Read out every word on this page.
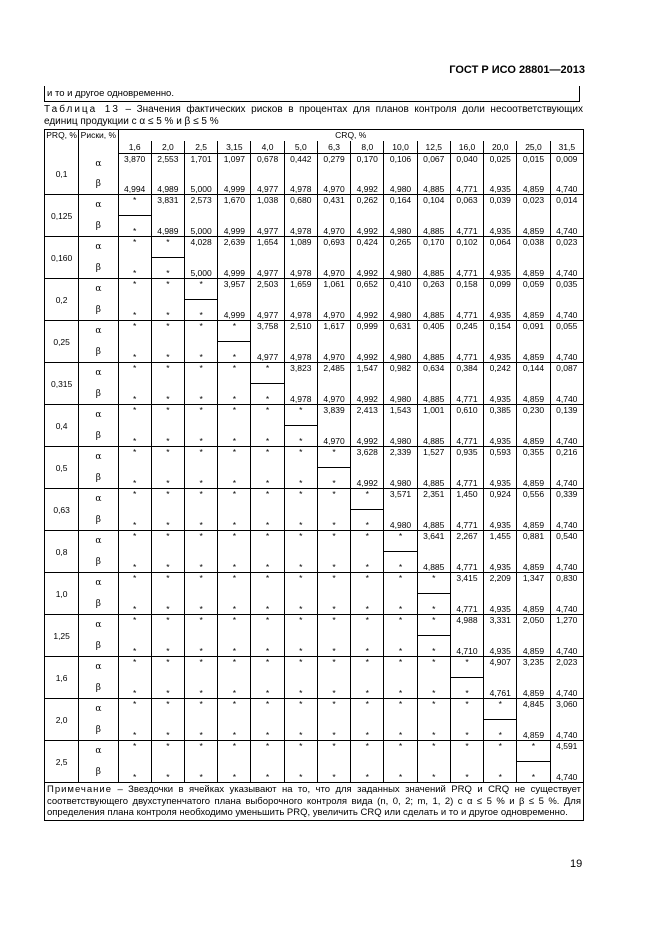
ГОСТ Р ИСО 28801—2013
и то и другое одновременно.
Таблица 13 – Значения фактических рисков в процентах для планов контроля доли несоответствующих единиц продукции с α ≤ 5 % и β ≤ 5 %
PRQ, %	Риски, %	CRQ, %													
		1,6	2,0	2,5	3,15	4,0	5,0	6,3	8,0	10,0	12,5	16,0	20,0	25,0	31,5
0,1	α	3,870	2,553	1,701	1,097	0,678	0,442	0,279	0,170	0,106	0,067	0,040	0,025	0,015	0,009
	β	4,994	4,989	5,000	4,999	4,977	4,978	4,970	4,992	4,980	4,885	4,771	4,935	4,859	4,740
0,125	α	*	3,831	2,573	1,670	1,038	0,680	0,431	0,262	0,164	0,104	0,063	0,039	0,023	0,014
	β	*	4,989	5,000	4,999	4,977	4,978	4,970	4,992	4,980	4,885	4,771	4,935	4,859	4,740
0,160	α	*	*	4,028	2,639	1,654	1,089	0,693	0,424	0,265	0,170	0,102	0,064	0,038	0,023
	β	*	*	5,000	4,999	4,977	4,978	4,970	4,992	4,980	4,885	4,771	4,935	4,859	4,740
0,2	α	*	*	*	3,957	2,503	1,659	1,061	0,652	0,410	0,263	0,158	0,099	0,059	0,035
	β	*	*	*	4,999	4,977	4,978	4,970	4,992	4,980	4,885	4,771	4,935	4,859	4,740
0,25	α	*	*	*	*	3,758	2,510	1,617	0,999	0,631	0,405	0,245	0,154	0,091	0,055
	β	*	*	*	*	4,977	4,978	4,970	4,992	4,980	4,885	4,771	4,935	4,859	4,740
0,315	α	*	*	*	*	*	3,823	2,485	1,547	0,982	0,634	0,384	0,242	0,144	0,087
	β	*	*	*	*	*	4,978	4,970	4,992	4,980	4,885	4,771	4,935	4,859	4,740
0,4	α	*	*	*	*	*	*	3,839	2,413	1,543	1,001	0,610	0,385	0,230	0,139
	β	*	*	*	*	*	*	4,970	4,992	4,980	4,885	4,771	4,935	4,859	4,740
0,5	α	*	*	*	*	*	*	*	3,628	2,339	1,527	0,935	0,593	0,355	0,216
	β	*	*	*	*	*	*	*	4,992	4,980	4,885	4,771	4,935	4,859	4,740
0,63	α	*	*	*	*	*	*	*	*	3,571	2,351	1,450	0,924	0,556	0,339
	β	*	*	*	*	*	*	*	*	4,980	4,885	4,771	4,935	4,859	4,740
0,8	α	*	*	*	*	*	*	*	*	*	3,641	2,267	1,455	0,881	0,540
	β	*	*	*	*	*	*	*	*	*	4,885	4,771	4,935	4,859	4,740
1,0	α	*	*	*	*	*	*	*	*	*	*	3,415	2,209	1,347	0,830
	β	*	*	*	*	*	*	*	*	*	*	4,771	4,935	4,859	4,740
1,25	α	*	*	*	*	*	*	*	*	*	*	4,988	3,331	2,050	1,270
	β	*	*	*	*	*	*	*	*	*	*	4,710	4,935	4,859	4,740
1,6	α	*	*	*	*	*	*	*	*	*	*	*	4,907	3,235	2,023
	β	*	*	*	*	*	*	*	*	*	*	*	4,761	4,859	4,740
2,0	α	*	*	*	*	*	*	*	*	*	*	*	*	4,845	3,060
	β	*	*	*	*	*	*	*	*	*	*	*	*	4,859	4,740
2,5	α	*	*	*	*	*	*	*	*	*	*	*	*	*	4,591
	β	*	*	*	*	*	*	*	*	*	*	*	*	*	4,740
Примечание – Звездочки в ячейках указывают на то, что для заданных значений PRQ и CRQ не существует соответствующего двухступенчатого плана выборочного контроля вида (n, 0, 2; m, 1, 2) с α ≤ 5 % и β ≤ 5 %. Для определения плана контроля необходимо уменьшить PRQ, увеличить CRQ или сделать и то и другое одновременно.															
19
